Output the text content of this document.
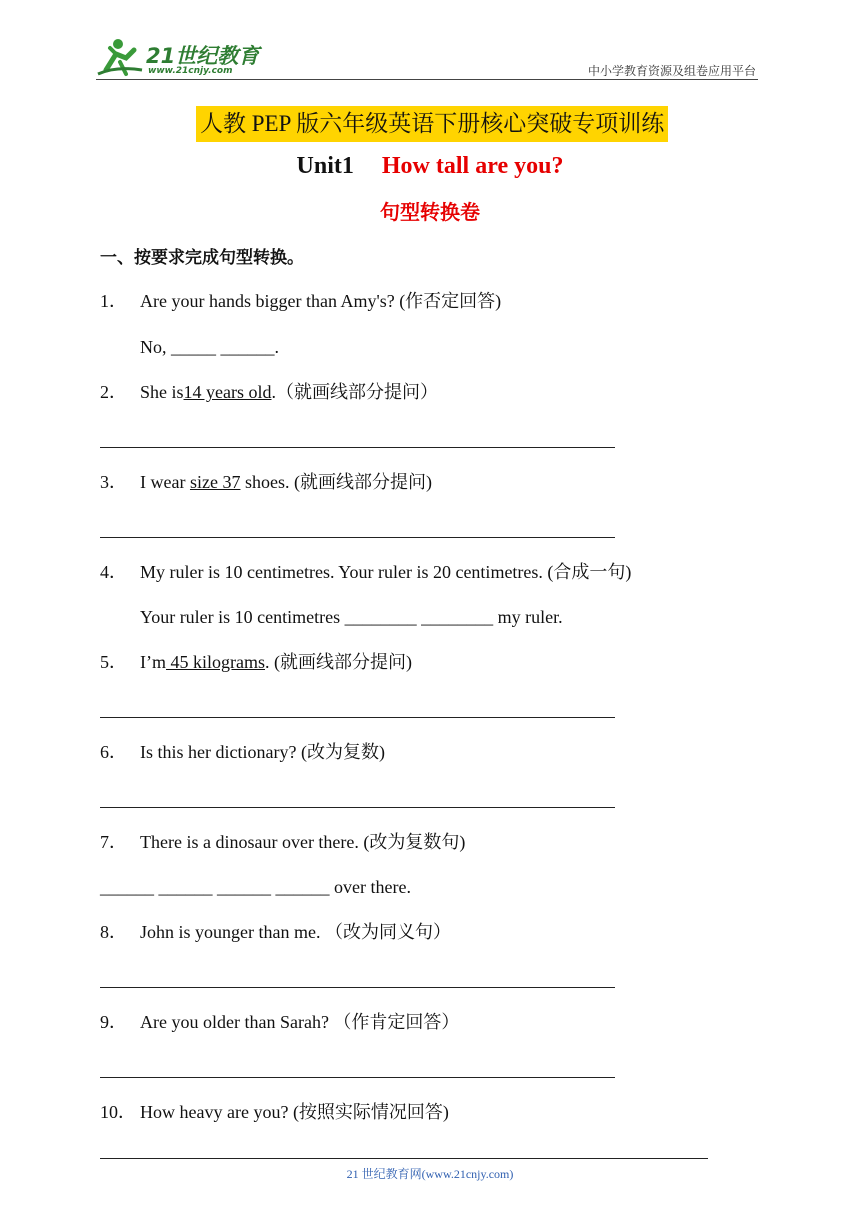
21世纪教育
www.21cnjy.com	中小学教育资源及组卷应用平台
人教 PEP 版六年级英语下册核心突破专项训练
Unit1 How tall are you?
句型转换卷
一、按要求完成句型转换。
1． Are your hands bigger than Amy's? (作否定回答)
No, _____ ______.
2． She is14 years old.（就画线部分提问）
3． I wear size 37 shoes. (就画线部分提问)
4． My ruler is 10 centimetres. Your ruler is 20 centimetres. (合成一句)
Your ruler is 10 centimetres ________ ________ my ruler.
5． I’m 45 kilograms. (就画线部分提问)
6． Is this her dictionary? (改为复数)
7． There is a dinosaur over there. (改为复数句)
______ ______ ______ ______ over there.
8． John is younger than me. （改为同义句）
9． Are you older than Sarah? （作肯定回答）
10． How heavy are you? (按照实际情况回答)
21 世纪教育网(www.21cnjy.com)
